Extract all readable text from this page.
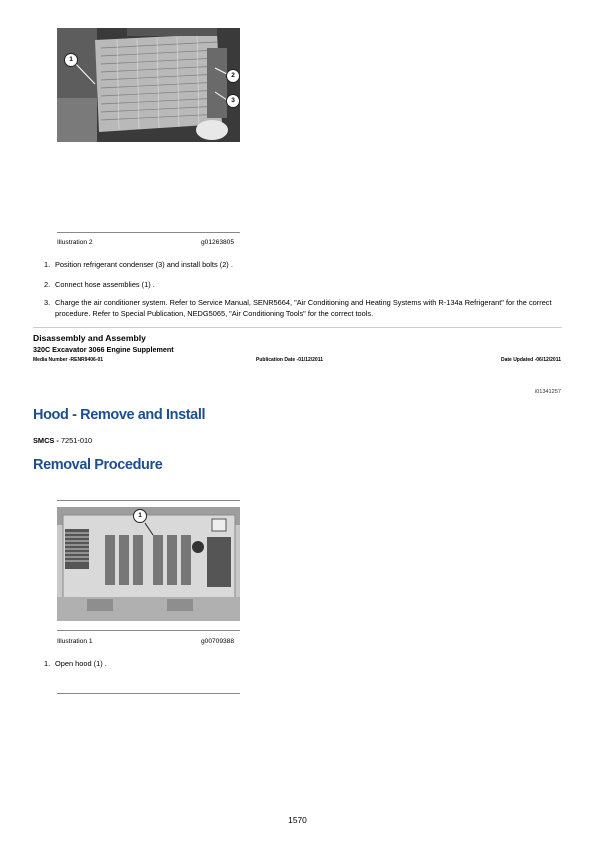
1
2
3
Illustration 2	g01263805
1. Position refrigerant condenser (3) and install bolts (2) .
2. Connect hose assemblies (1) .
3. Charge the air conditioner system. Refer to Service Manual, SENR5664, "Air Conditioning and Heating Systems with R-134a Refrigerant" for the correct procedure. Refer to Special Publication, NEDG5065, "Air Conditioning Tools" for the correct tools.
Disassembly and Assembly
320C Excavator 3066 Engine Supplement
Media Number -RENR9406-01	Publication Date -01/12/2011	Date Updated -06/12/2011
i01341257
Hood - Remove and Install
SMCS - 7251-010
Removal Procedure
1
Illustration 1	g00709388
1. Open hood (1) .
1570
